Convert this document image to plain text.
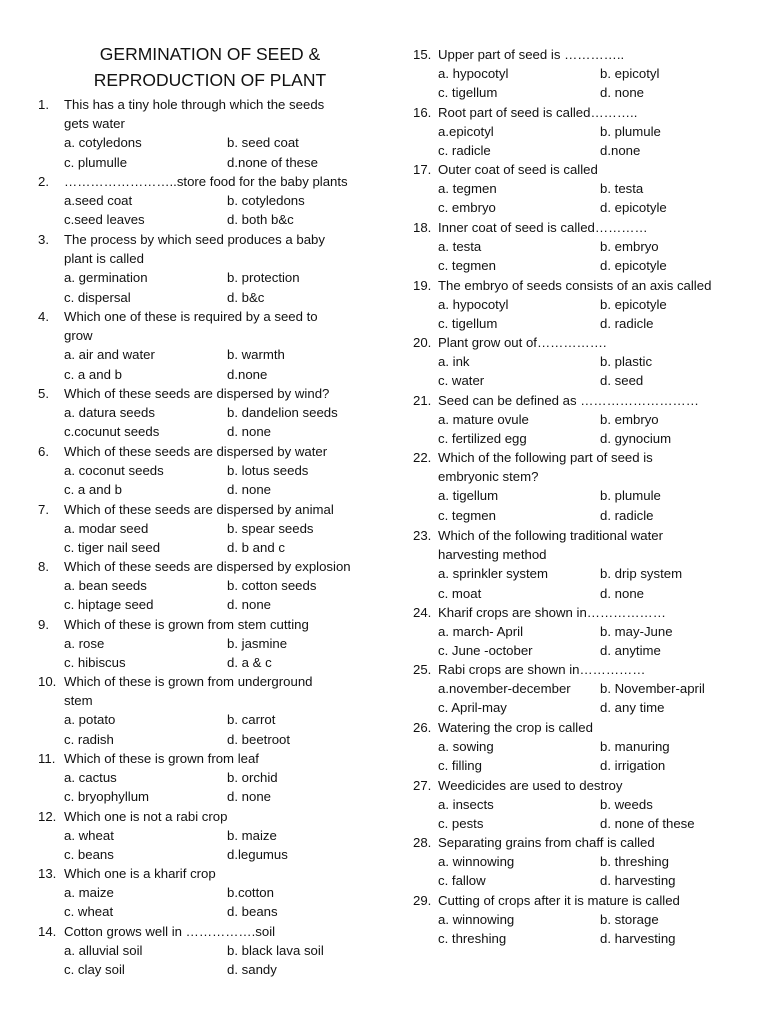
GERMINATION OF SEED &
REPRODUCTION OF PLANT
1. This has a tiny hole through which the seeds
gets water
a. cotyledons	b. seed coat
c. plumulle	d.none of these
2. ……………………..store food for the baby plants
a.seed coat	b. cotyledons
c.seed leaves	d. both b&c
3. The process by which seed produces a baby
plant is called
a. germination	b. protection
c. dispersal	d. b&c
4. Which one of these is required by a seed to
grow
a. air and water	b. warmth
c. a and b	d.none
5. Which of these seeds are dispersed by wind?
a. datura seeds	b. dandelion seeds
c.cocunut seeds	d. none
6. Which of these seeds are dispersed by water
a. coconut seeds	b. lotus seeds
c. a and b	d. none
7. Which of these seeds are dispersed by animal
a. modar seed	b. spear seeds
c. tiger nail seed	d. b and c
8. Which of these seeds are dispersed by explosion
a. bean seeds	b. cotton seeds
c. hiptage seed	d. none
9. Which of these is grown from stem cutting
a. rose	b. jasmine
c. hibiscus	d. a & c
10. Which of these is grown from underground
stem
a. potato	b. carrot
c. radish	d. beetroot
11. Which of these is grown from leaf
a. cactus	b. orchid
c. bryophyllum	d. none
12. Which one is not a rabi crop
a. wheat	b. maize
c. beans	d.legumus
13. Which one is a kharif crop
a. maize	b.cotton
c. wheat	d. beans
14. Cotton grows well in …………….soil
a. alluvial soil	b. black lava soil
c. clay soil	d. sandy
15. Upper part of seed is …………..
a. hypocotyl	b. epicotyl
c. tigellum	d. none
16. Root part of seed is called………..
a.epicotyl	b. plumule
c. radicle	d.none
17. Outer coat of seed is called
a. tegmen	b. testa
c. embryo	d. epicotyle
18. Inner coat of seed is called…………
a. testa	b. embryo
c. tegmen	d. epicotyle
19. The embryo of seeds consists of an axis called
a. hypocotyl	b. epicotyle
c. tigellum	d. radicle
20. Plant grow out of…………….
a. ink	b. plastic
c. water	d. seed
21. Seed can be defined as ………………………
a. mature ovule	b. embryo
c. fertilized egg	d. gynocium
22. Which of the following part of seed is
embryonic stem?
a. tigellum	b. plumule
c. tegmen	d. radicle
23. Which of the following traditional water
harvesting method
a. sprinkler system	b. drip system
c. moat	d. none
24. Kharif crops are shown in………………
a. march- April	b. may-June
c. June -october	d. anytime
25. Rabi crops are shown in……………
a.november-december b. November-april
c. April-may	d. any time
26. Watering the crop is called
a. sowing	b. manuring
c. filling	d. irrigation
27. Weedicides are used to destroy
a. insects	b. weeds
c. pests	d. none of these
28. Separating grains from chaff is called
a. winnowing	b. threshing
c. fallow	d. harvesting
29. Cutting of crops after it is mature is called
a. winnowing	b. storage
c. threshing	d. harvesting
